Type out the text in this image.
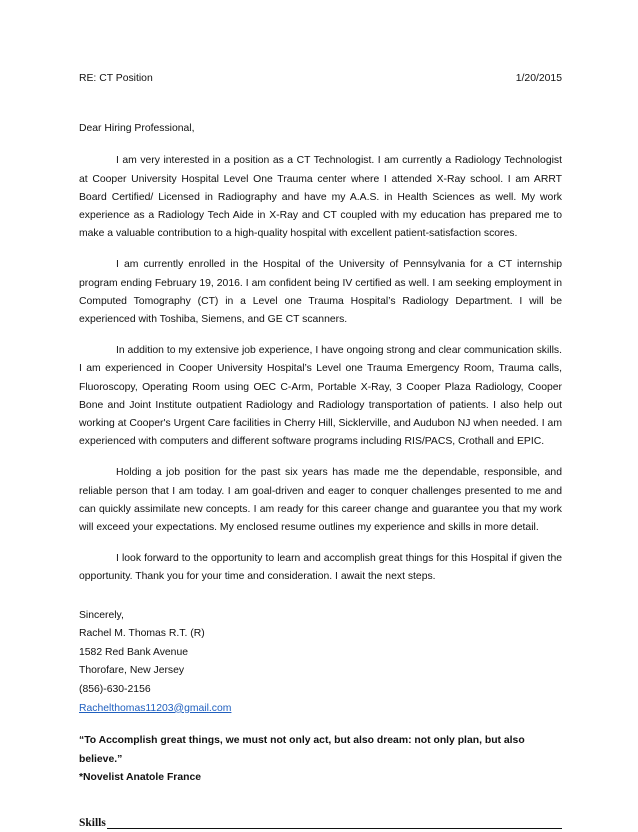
RE: CT Position	1/20/2015
Dear Hiring Professional,

I am very interested in a position as a CT Technologist. I am currently a Radiology Technologist at Cooper University Hospital Level One Trauma center where I attended X-Ray school. I am ARRT Board Certified/ Licensed in Radiography and have my A.A.S. in Health Sciences as well. My work experience as a Radiology Tech Aide in X-Ray and CT coupled with my education has prepared me to make a valuable contribution to a high-quality hospital with excellent patient-satisfaction scores.

I am currently enrolled in the Hospital of the University of Pennsylvania for a CT internship program ending February 19, 2016. I am confident being IV certified as well. I am seeking employment in Computed Tomography (CT) in a Level one Trauma Hospital’s Radiology Department. I will be experienced with Toshiba, Siemens, and GE CT scanners.

In addition to my extensive job experience, I have ongoing strong and clear communication skills. I am experienced in Cooper University Hospital’s Level one Trauma Emergency Room, Trauma calls, Fluoroscopy, Operating Room using OEC C-Arm, Portable X-Ray, 3 Cooper Plaza Radiology, Cooper Bone and Joint Institute outpatient Radiology and Radiology transportation of patients. I also help out working at Cooper's Urgent Care facilities in Cherry Hill, Sicklerville, and Audubon NJ when needed. I am experienced with computers and different software programs including RIS/PACS, Crothall and EPIC.

Holding a job position for the past six years has made me the dependable, responsible, and reliable person that I am today. I am goal-driven and eager to conquer challenges presented to me and can quickly assimilate new concepts. I am ready for this career change and guarantee you that my work will exceed your expectations. My enclosed resume outlines my experience and skills in more detail.

I look forward to the opportunity to learn and accomplish great things for this Hospital if given the opportunity. Thank you for your time and consideration. I await the next steps.

Sincerely,
Rachel M. Thomas R.T. (R)
1582 Red Bank Avenue
Thorofare, New Jersey
(856)-630-2156
Rachelthomas11203@gmail.com
“To Accomplish great things, we must not only act, but also dream: not only plan, but also believe.”
*Novelist Anatole France
Skills
